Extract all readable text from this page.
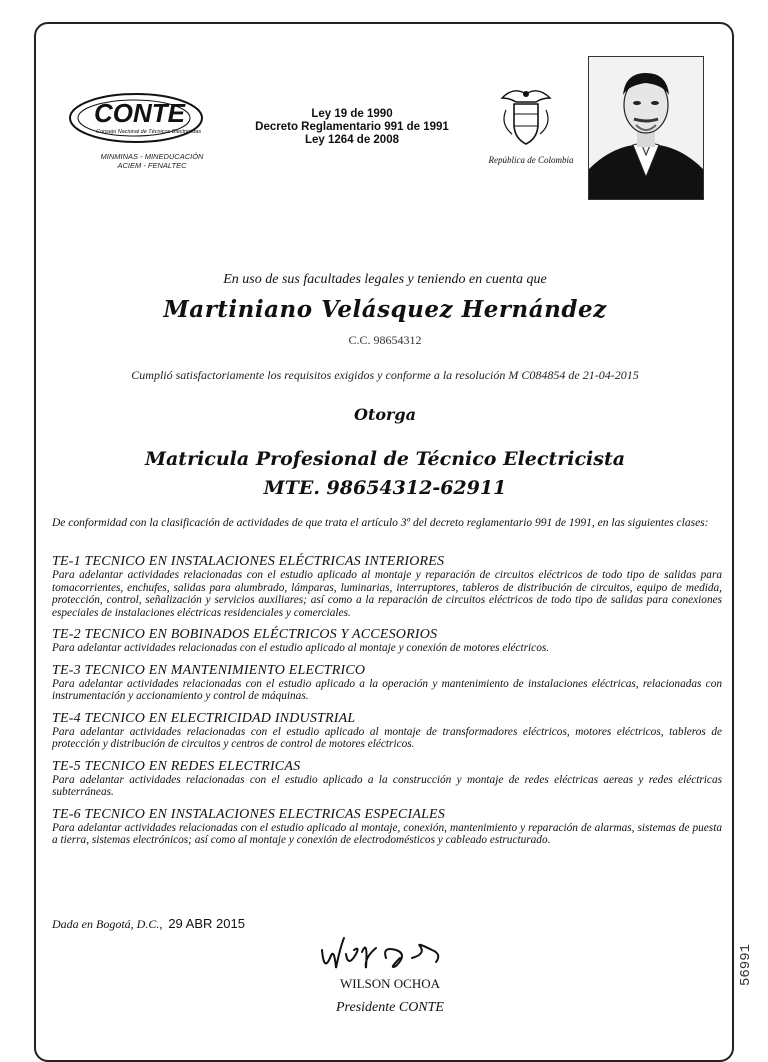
CONTE
Consejo Nacional de Técnicos Electricistas
MINMINAS - MINEDUCACIÓN
ACIEM - FENALTEC
Ley 19 de 1990
Decreto Reglamentario 991 de 1991
Ley 1264 de 2008
República de Colombia
En uso de sus facultades legales y teniendo en cuenta que
Martiniano Velásquez Hernández
C.C. 98654312
Cumplió satisfactoriamente los requisitos exigidos y conforme a la resolución M C084854 de 21-04-2015
Otorga
Matricula Profesional de Técnico Electricista
MTE. 98654312-62911
De conformidad con la clasificación de actividades de que trata el artículo 3º del decreto reglamentario 991 de 1991, en las siguientes clases:
TE-1 TECNICO EN INSTALACIONES ELÉCTRICAS INTERIORES
Para adelantar actividades relacionadas con el estudio aplicado al montaje y reparación de circuitos eléctricos de todo tipo de salidas para tomacorrientes, enchufes, salidas para alumbrado, lámparas, luminarias, interruptores, tableros de distribución de circuitos, equipo de medida, protección, control, señalización y servicios auxiliares; así como a la reparación de circuitos eléctricos de todo tipo de salidas para conexiones especiales de instalaciones eléctricas residenciales y comerciales.
TE-2 TECNICO EN BOBINADOS ELÉCTRICOS Y ACCESORIOS
Para adelantar actividades relacionadas con el estudio aplicado al montaje y conexión de motores eléctricos.
TE-3 TECNICO EN MANTENIMIENTO ELECTRICO
Para adelantar actividades relacionadas con el estudio aplicado a la operación y mantenimiento de instalaciones eléctricas, relacionadas con instrumentación y accionamiento y control de máquinas.
TE-4 TECNICO EN ELECTRICIDAD INDUSTRIAL
Para adelantar actividades relacionadas con el estudio aplicado al montaje de transformadores eléctricos, motores eléctricos, tableros de protección y distribución de circuitos y centros de control de motores eléctricos.
TE-5 TECNICO EN REDES ELECTRICAS
Para adelantar actividades relacionadas con el estudio aplicado a la construcción y montaje de redes eléctricas aereas y redes eléctricas subterráneas.
TE-6 TECNICO EN INSTALACIONES ELECTRICAS ESPECIALES
Para adelantar actividades relacionadas con el estudio aplicado al montaje, conexión, mantenimiento y reparación de alarmas, sistemas de puesta a tierra, sistemas electrónicos; así como al montaje y conexión de electrodomésticos y cableado estructurado.
Dada en Bogotá, D.C., 29 ABR 2015
WILSON OCHOA
Presidente CONTE
56991
